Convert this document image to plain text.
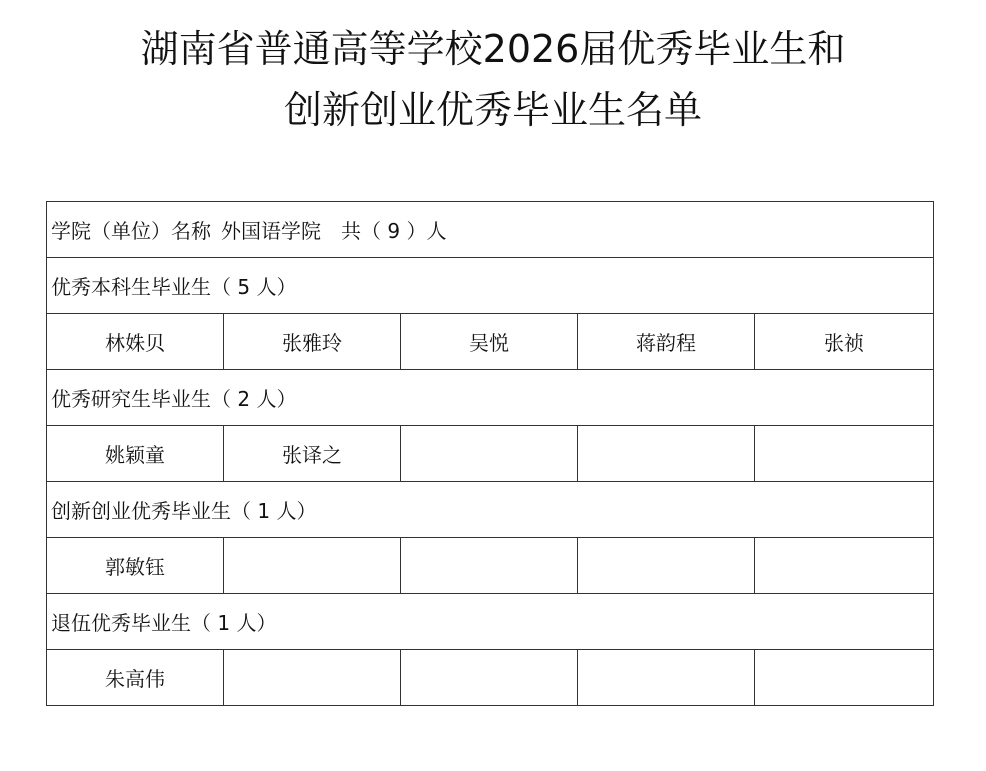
湖南省普通高等学校2026届优秀毕业生和
创新创业优秀毕业生名单
学院（单位）名称 外国语学院 共（ 9 ）人				
优秀本科生毕业生（ 5 人）				
林姝贝	张雅玲	吴悦	蒋韵程	张祯
优秀研究生毕业生（ 2 人）				
姚颖童	张译之			
创新创业优秀毕业生（ 1 人）				
郭敏钰				
退伍优秀毕业生（ 1 人）				
朱高伟				
